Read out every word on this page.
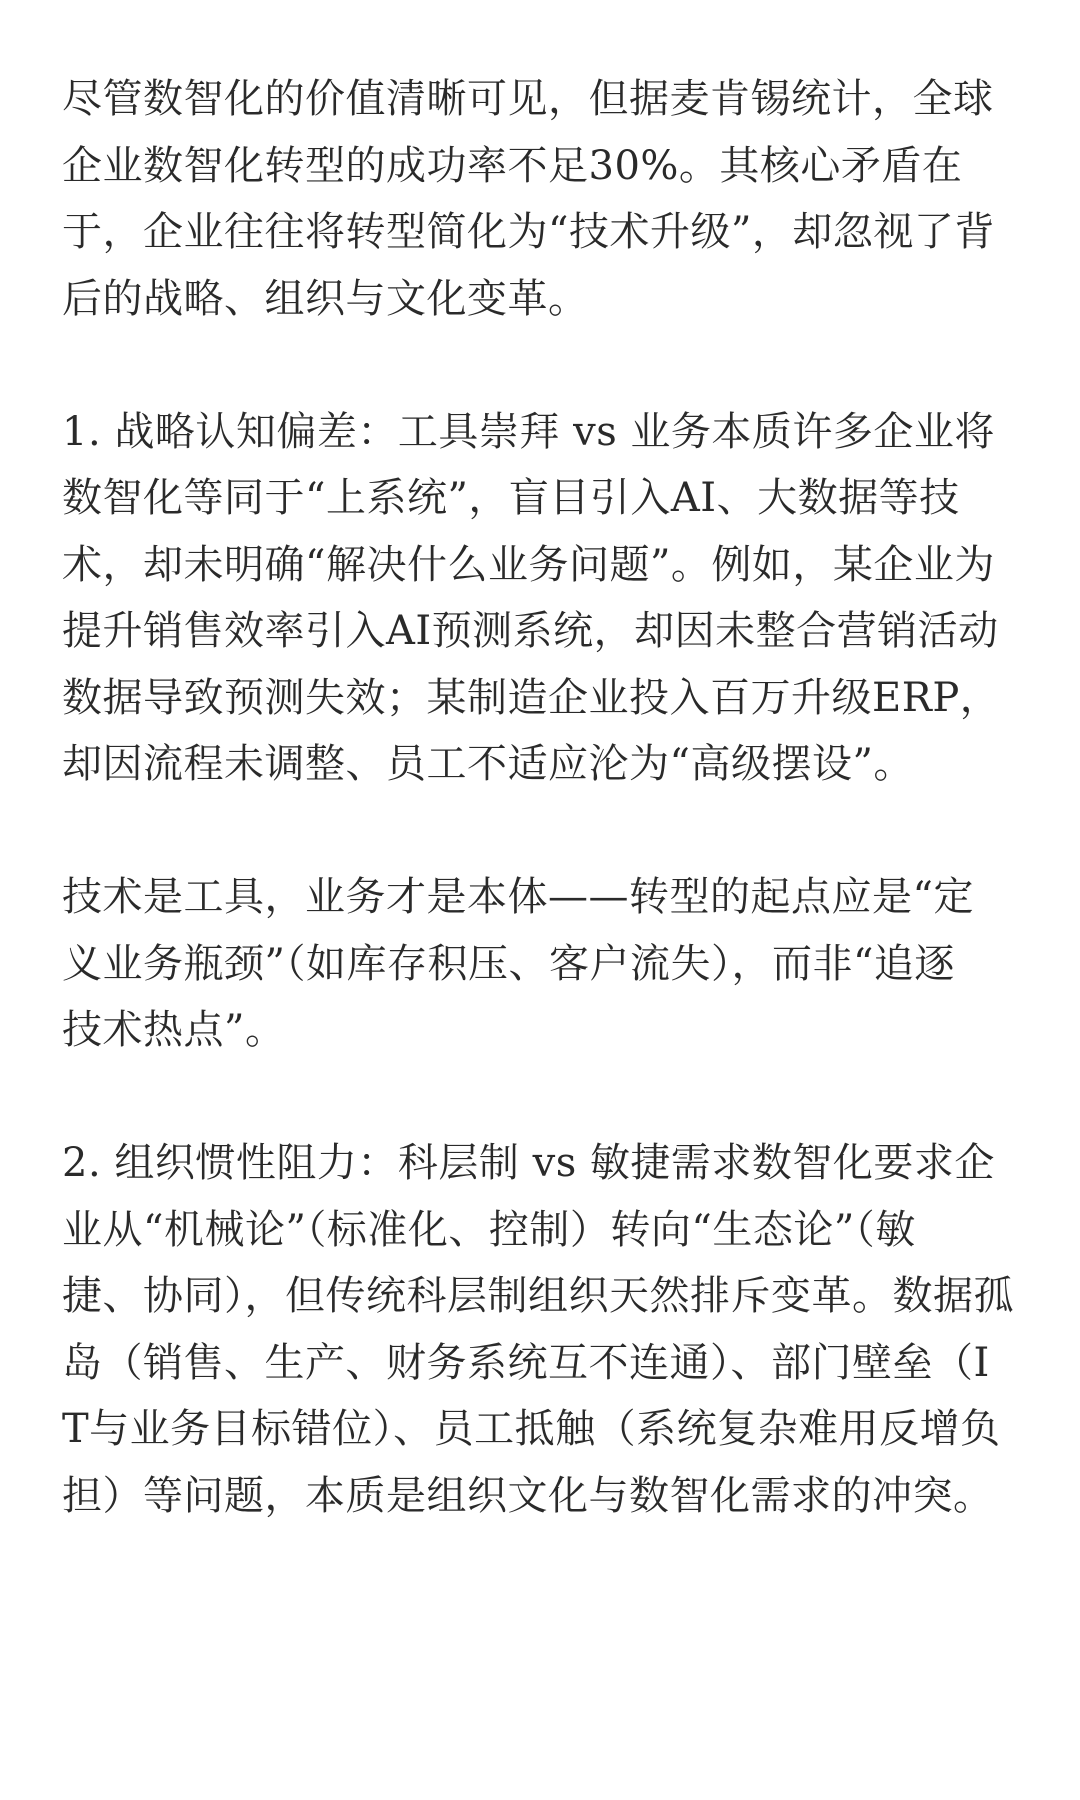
尽管数智化的价值清晰可见，但据麦肯锡统计，全球
企业数智化转型的成功率不足30%。其核心矛盾在
于，企业往往将转型简化为“技术升级”，却忽视了背
后的战略、组织与文化变革。
1. 战略认知偏差：工具崇拜 vs 业务本质许多企业将
数智化等同于“上系统”，盲目引入AI、大数据等技
术，却未明确“解决什么业务问题”。例如，某企业为
提升销售效率引入AI预测系统，却因未整合营销活动
数据导致预测失效；某制造企业投入百万升级ERP，
却因流程未调整、员工不适应沦为“高级摆设”。
技术是工具，业务才是本体——转型的起点应是“定
义业务瓶颈”（如库存积压、客户流失），而非“追逐
技术热点”。
2. 组织惯性阻力：科层制 vs 敏捷需求数智化要求企
业从“机械论”（标准化、控制）转向“生态论”（敏
捷、协同），但传统科层制组织天然排斥变革。数据孤
岛（销售、生产、财务系统互不连通）、部门壁垒（I
T与业务目标错位）、员工抵触（系统复杂难用反增负
担）等问题，本质是组织文化与数智化需求的冲突。
